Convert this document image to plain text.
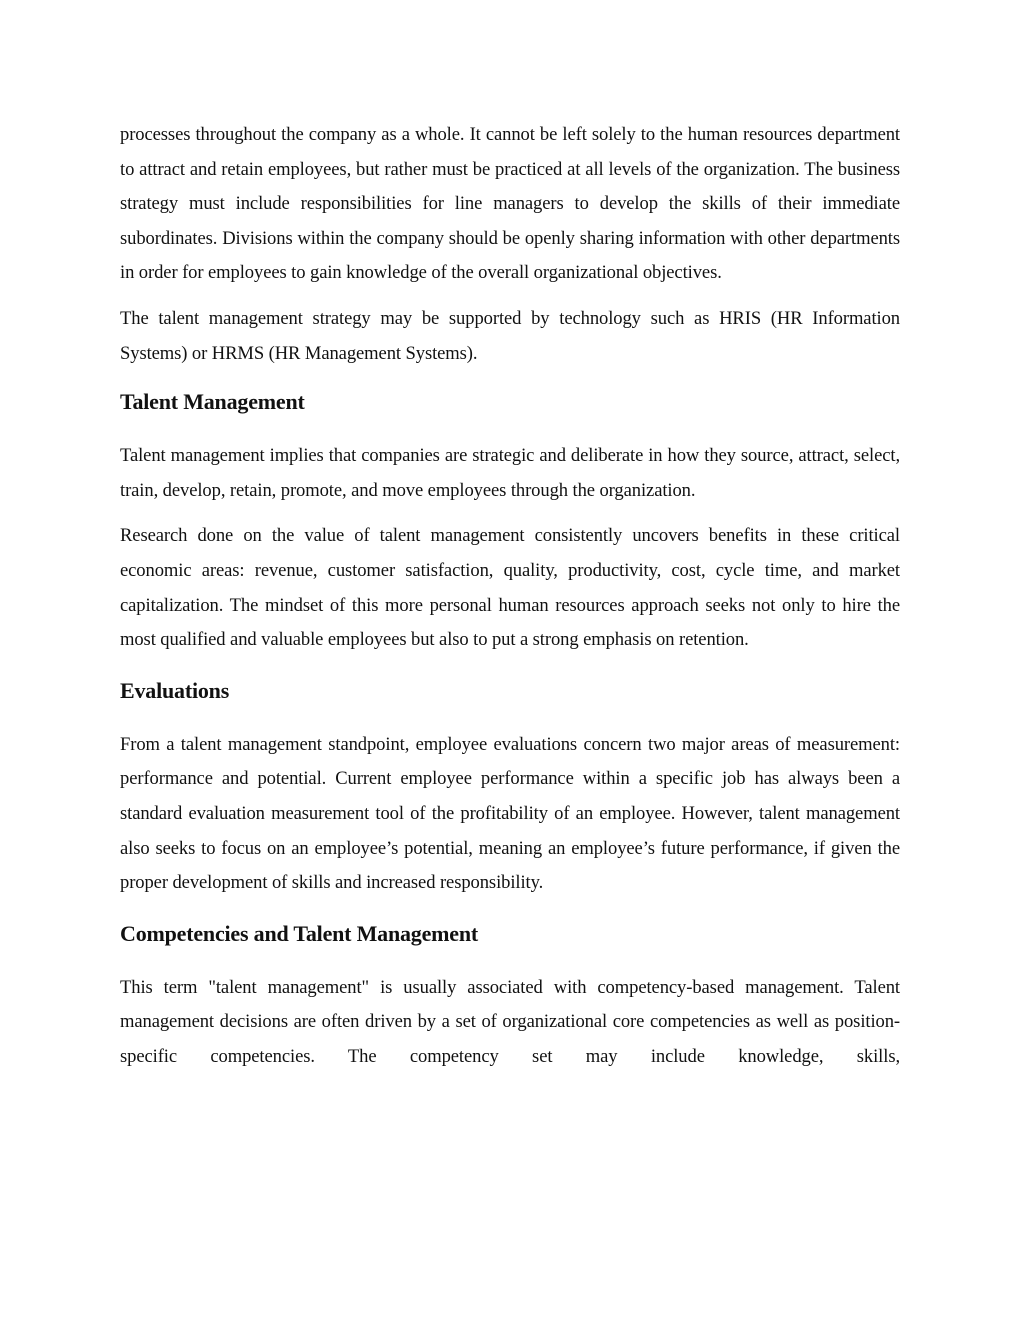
processes throughout the company as a whole. It cannot be left solely to the human resources department to attract and retain employees, but rather must be practiced at all levels of the organization. The business strategy must include responsibilities for line managers to develop the skills of their immediate subordinates. Divisions within the company should be openly sharing information with other departments in order for employees to gain knowledge of the overall organizational objectives.

The talent management strategy may be supported by technology such as HRIS (HR Information Systems) or HRMS (HR Management Systems).

Talent Management

Talent management implies that companies are strategic and deliberate in how they source, attract, select, train, develop, retain, promote, and move employees through the organization.

Research done on the value of talent management consistently uncovers benefits in these critical economic areas: revenue, customer satisfaction, quality, productivity, cost, cycle time, and market capitalization. The mindset of this more personal human resources approach seeks not only to hire the most qualified and valuable employees but also to put a strong emphasis on retention.

Evaluations

From a talent management standpoint, employee evaluations concern two major areas of measurement: performance and potential. Current employee performance within a specific job has always been a standard evaluation measurement tool of the profitability of an employee. However, talent management also seeks to focus on an employee’s potential, meaning an employee’s future performance, if given the proper development of skills and increased responsibility.

Competencies and Talent Management

This term "talent management" is usually associated with competency-based management. Talent management decisions are often driven by a set of organizational core competencies as well as position-specific competencies. The competency set may include knowledge, skills,
